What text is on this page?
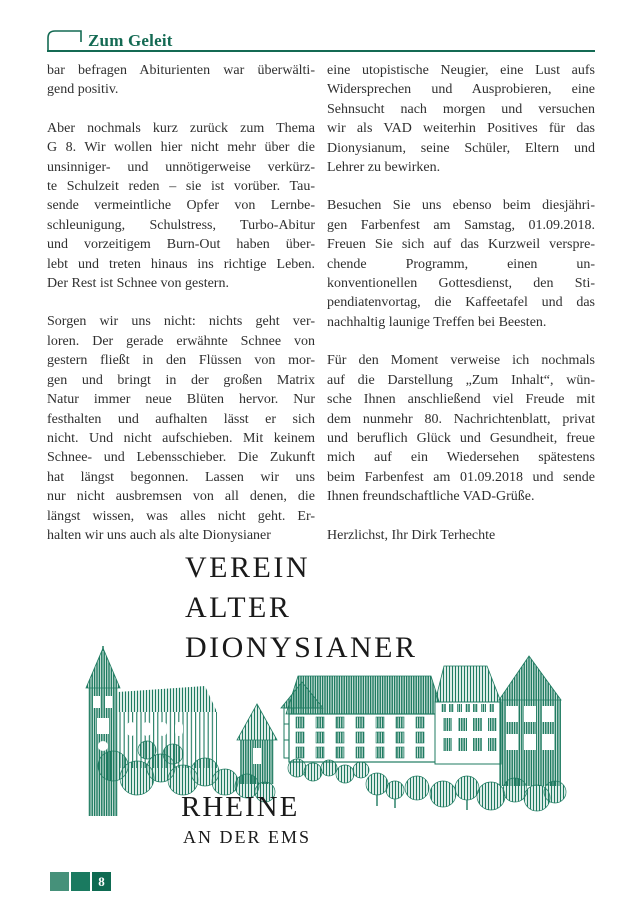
Zum Geleit
bar befragen Abiturienten war überwälti-
gend positiv.
Aber nochmals kurz zurück zum Thema
G 8. Wir wollen hier nicht mehr über die
unsinniger- und unnötigerweise verkürz-
te Schulzeit reden – sie ist vorüber. Tau-
sende vermeintliche Opfer von Lernbe-
schleunigung, Schulstress, Turbo-Abitur
und vorzeitigem Burn-Out haben über-
lebt und treten hinaus ins richtige Leben.
Der Rest ist Schnee von gestern.
Sorgen wir uns nicht: nichts geht ver-
loren. Der gerade erwähnte Schnee von
gestern fließt in den Flüssen von mor-
gen und bringt in der großen Matrix
Natur immer neue Blüten hervor. Nur
festhalten und aufhalten lässt er sich
nicht. Und nicht aufschieben. Mit keinem
Schnee- und Lebensschieber. Die Zukunft
hat längst begonnen. Lassen wir uns
nur nicht ausbremsen von all denen, die
längst wissen, was alles nicht geht. Er-
halten wir uns auch als alte Dionysianer
eine utopistische Neugier, eine Lust aufs
Widersprechen und Ausprobieren, eine
Sehnsucht nach morgen und versuchen
wir als VAD weiterhin Positives für das
Dionysianum, seine Schüler, Eltern und
Lehrer zu bewirken.
Besuchen Sie uns ebenso beim diesjähri-
gen Farbenfest am Samstag, 01.09.2018.
Freuen Sie sich auf das Kurzweil verspre-
chende Programm, einen un-
konventionellen Gottesdienst, den Sti-
pendiatenvortag, die Kaffeetafel und das
nachhaltig launige Treffen bei Beesten.
Für den Moment verweise ich nochmals
auf die Darstellung „Zum Inhalt“, wün-
sche Ihnen anschließend viel Freude mit
dem nunmehr 80. Nachrichtenblatt, privat
und beruflich Glück und Gesundheit, freue
mich auf ein Wiedersehen spätestens
beim Farbenfest am 01.09.2018 und sende
Ihnen freundschaftliche VAD-Grüße.
Herzlichst, Ihr Dirk Terhechte
VEREIN
ALTER
DIONYSIANER
RHEINE
AN DER EMS
8
